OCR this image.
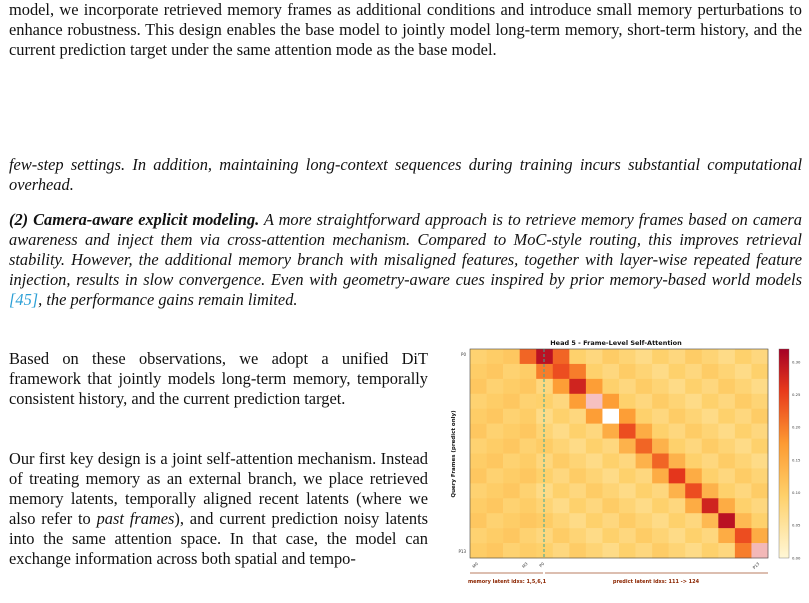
model, we incorporate retrieved memory frames as additional conditions and introduce small memory perturbations to enhance robustness. This design enables the base model to jointly model long-term memory, short-term history, and the current prediction target under the same attention mode as the base model.

few-step settings. In addition, maintaining long-context sequences during training incurs substantial computational overhead.

(2) Camera-aware explicit modeling. A more straightforward approach is to retrieve memory frames based on camera awareness and inject them via cross-attention mechanism. Compared to MoC-style routing, this improves retrieval stability. However, the additional memory branch with misaligned features, together with layer-wise repeated feature injection, results in slow convergence. Even with geometry-aware cues inspired by prior memory-based world models [45], the performance gains remain limited.

Based on these observations, we adopt a unified DiT framework that jointly models long-term memory, temporally consistent history, and the current prediction target.

Our first key design is a joint self-attention mechanism. Instead of treating memory as an external branch, we place retrieved memory latents, temporally aligned recent latents (where we also refer to past frames), and current prediction noisy latents into the same attention space. In that case, the model can exchange information across both spatial and tempo-

Head 5 - Frame-Level Self-Attention
Query Frames (predict only)
P0
P13
M0	M3 P0	P13
memory latent idxs: 1,5,6,1	predict latent idxs: 111 -> 124
0.30
0.25
0.20
0.15
0.10
0.05
0.00
